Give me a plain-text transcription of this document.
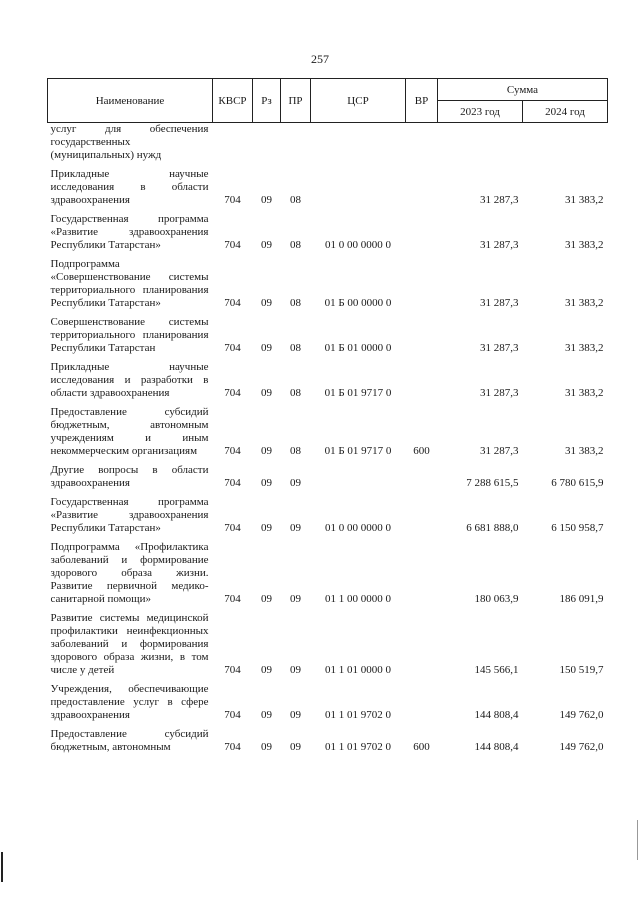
257
Наименование	КВСР	Рз	ПР	ЦСР	ВР	Сумма	
						2023 год	2024 год
услуг для обеспечения государственных (муниципальных) нужд							
Прикладные научные исследования в области здравоохранения	704	09	08			31 287,3	31 383,2
Государственная программа «Развитие здравоохранения Республики Татарстан»	704	09	08	01 0 00 0000 0		31 287,3	31 383,2
Подпрограмма «Совершенствование системы территориального планирования Республики Татарстан»	704	09	08	01 Б 00 0000 0		31 287,3	31 383,2
Совершенствование системы территориального планирования Республики Татарстан	704	09	08	01 Б 01 0000 0		31 287,3	31 383,2
Прикладные научные исследования и разработки в области здравоохранения	704	09	08	01 Б 01 9717 0		31 287,3	31 383,2
Предоставление субсидий бюджетным, автономным учреждениям и иным некоммерческим организациям	704	09	08	01 Б 01 9717 0	600	31 287,3	31 383,2
Другие вопросы в области здравоохранения	704	09	09			7 288 615,5	6 780 615,9
Государственная программа «Развитие здравоохранения Республики Татарстан»	704	09	09	01 0 00 0000 0		6 681 888,0	6 150 958,7
Подпрограмма «Профилактика заболеваний и формирование здорового образа жизни. Развитие первичной медико-санитарной помощи»	704	09	09	01 1 00 0000 0		180 063,9	186 091,9
Развитие системы медицинской профилактики неинфекционных заболеваний и формирования здорового образа жизни, в том числе у детей	704	09	09	01 1 01 0000 0		145 566,1	150 519,7
Учреждения, обеспечивающие предоставление услуг в сфере здравоохранения	704	09	09	01 1 01 9702 0		144 808,4	149 762,0
Предоставление субсидий бюджетным, автономным	704	09	09	01 1 01 9702 0	600	144 808,4	149 762,0
